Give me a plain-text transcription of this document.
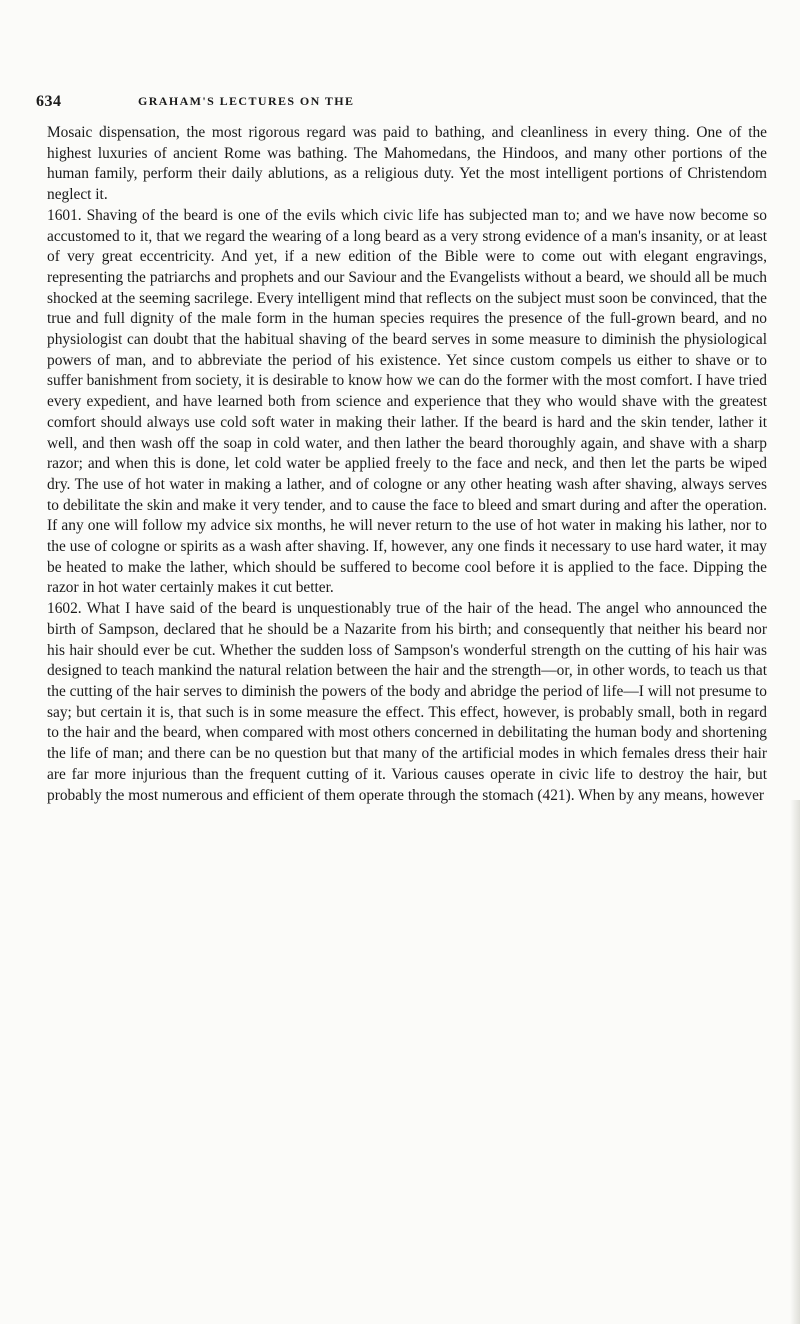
634	GRAHAM'S LECTURES ON THE

Mosaic dispensation, the most rigorous regard was paid to bathing, and cleanliness in every thing. One of the highest luxuries of ancient Rome was bathing. The Mahomedans, the Hindoos, and many other portions of the human family, perform their daily ablutions, as a religious duty. Yet the most intelligent portions of Christendom neglect it.

1601. Shaving of the beard is one of the evils which civic life has subjected man to; and we have now become so accustomed to it, that we regard the wearing of a long beard as a very strong evidence of a man's insanity, or at least of very great eccentricity. And yet, if a new edition of the Bible were to come out with elegant engravings, representing the patriarchs and prophets and our Saviour and the Evangelists without a beard, we should all be much shocked at the seeming sacrilege. Every intelligent mind that reflects on the subject must soon be convinced, that the true and full dignity of the male form in the human species requires the presence of the full-grown beard, and no physiologist can doubt that the habitual shaving of the beard serves in some measure to diminish the physiological powers of man, and to abbreviate the period of his existence. Yet since custom compels us either to shave or to suffer banishment from society, it is desirable to know how we can do the former with the most comfort. I have tried every expedient, and have learned both from science and experience that they who would shave with the greatest comfort should always use cold soft water in making their lather. If the beard is hard and the skin tender, lather it well, and then wash off the soap in cold water, and then lather the beard thoroughly again, and shave with a sharp razor; and when this is done, let cold water be applied freely to the face and neck, and then let the parts be wiped dry. The use of hot water in making a lather, and of cologne or any other heating wash after shaving, always serves to debilitate the skin and make it very tender, and to cause the face to bleed and smart during and after the operation. If any one will follow my advice six months, he will never return to the use of hot water in making his lather, nor to the use of cologne or spirits as a wash after shaving. If, however, any one finds it necessary to use hard water, it may be heated to make the lather, which should be suffered to become cool before it is applied to the face. Dipping the razor in hot water certainly makes it cut better.

1602. What I have said of the beard is unquestionably true of the hair of the head. The angel who announced the birth of Sampson, declared that he should be a Nazarite from his birth; and consequently that neither his beard nor his hair should ever be cut. Whether the sudden loss of Sampson's wonderful strength on the cutting of his hair was designed to teach mankind the natural relation between the hair and the strength—or, in other words, to teach us that the cutting of the hair serves to diminish the powers of the body and abridge the period of life—I will not presume to say; but certain it is, that such is in some measure the effect. This effect, however, is probably small, both in regard to the hair and the beard, when compared with most others concerned in debilitating the human body and shortening the life of man; and there can be no question but that many of the artificial modes in which females dress their hair are far more injurious than the frequent cutting of it. Various causes operate in civic life to destroy the hair, but probably the most numerous and efficient of them operate through the stomach (421). When by any means, however
